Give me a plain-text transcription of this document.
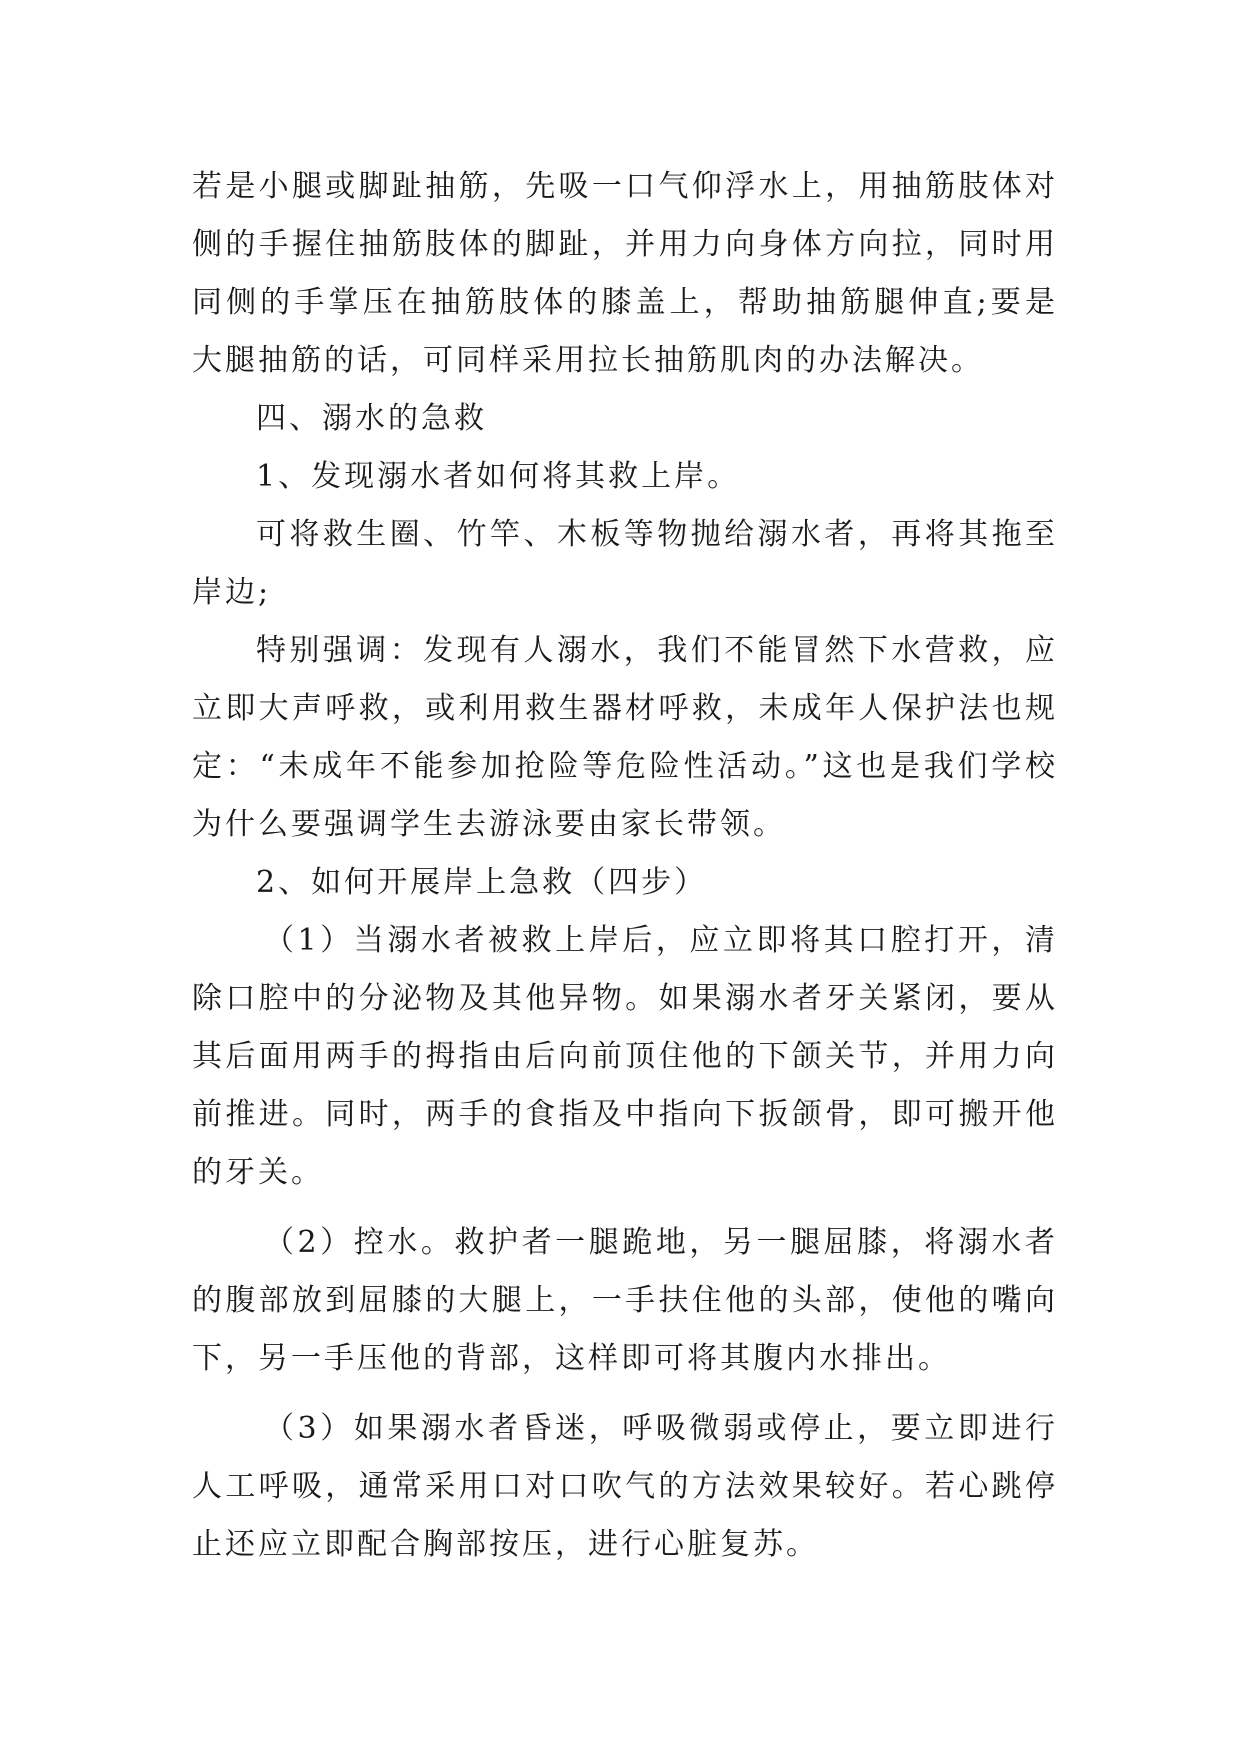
若是小腿或脚趾抽筋，先吸一口气仰浮水上，用抽筋肢体对侧的手握住抽筋肢体的脚趾，并用力向身体方向拉，同时用同侧的手掌压在抽筋肢体的膝盖上，帮助抽筋腿伸直;要是大腿抽筋的话，可同样采用拉长抽筋肌肉的办法解决。

四、溺水的急救

1、发现溺水者如何将其救上岸。

可将救生圈、竹竿、木板等物抛给溺水者，再将其拖至岸边;

特别强调：发现有人溺水，我们不能冒然下水营救，应立即大声呼救，或利用救生器材呼救，未成年人保护法也规定：“未成年不能参加抢险等危险性活动。”这也是我们学校为什么要强调学生去游泳要由家长带领。

2、如何开展岸上急救（四步）

（1）当溺水者被救上岸后，应立即将其口腔打开，清除口腔中的分泌物及其他异物。如果溺水者牙关紧闭，要从其后面用两手的拇指由后向前顶住他的下颌关节，并用力向前推进。同时，两手的食指及中指向下扳颌骨，即可搬开他的牙关。

（2）控水。救护者一腿跪地，另一腿屈膝，将溺水者的腹部放到屈膝的大腿上，一手扶住他的头部，使他的嘴向下，另一手压他的背部，这样即可将其腹内水排出。

（3）如果溺水者昏迷，呼吸微弱或停止，要立即进行人工呼吸，通常采用口对口吹气的方法效果较好。若心跳停止还应立即配合胸部按压，进行心脏复苏。
